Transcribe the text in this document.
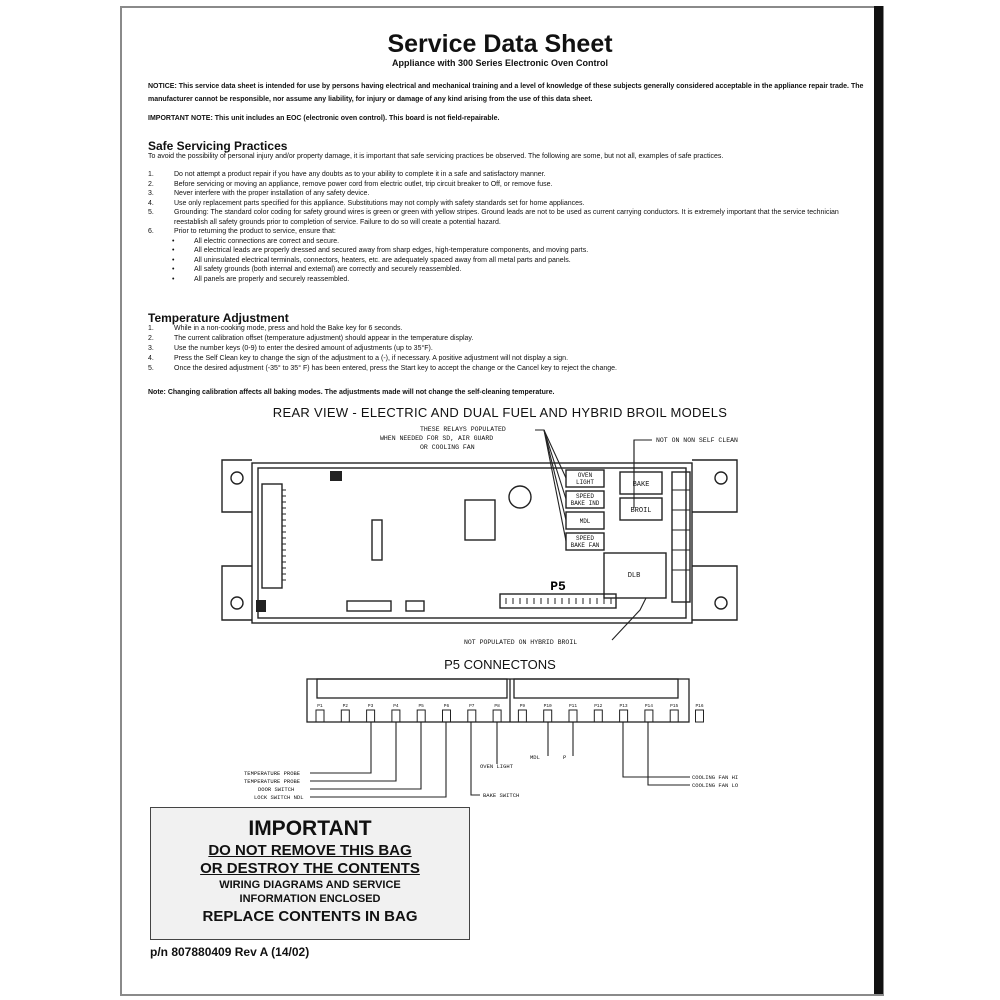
Service Data Sheet
Appliance with 300 Series Electronic Oven Control
NOTICE: This service data sheet is intended for use by persons having electrical and mechanical training and a level of knowledge of these subjects generally considered acceptable in the appliance repair trade. The manufacturer cannot be responsible, nor assume any liability, for injury or damage of any kind arising from the use of this data sheet.
IMPORTANT NOTE: This unit includes an EOC (electronic oven control). This board is not field-repairable.
Safe Servicing Practices
To avoid the possibility of personal injury and/or property damage, it is important that safe servicing practices be observed. The following are some, but not all, examples of safe practices.
1.	Do not attempt a product repair if you have any doubts as to your ability to complete it in a safe and satisfactory manner.
2.	Before servicing or moving an appliance, remove power cord from electric outlet, trip circuit breaker to Off, or remove fuse.
3.	Never interfere with the proper installation of any safety device.
4.	Use only replacement parts specified for this appliance. Substitutions may not comply with safety standards set for home appliances.
5.	Grounding: The standard color coding for safety ground wires is green or green with yellow stripes. Ground leads are not to be used as current carrying conductors. It is extremely important that the service technician reestablish all safety grounds prior to completion of service. Failure to do so will create a potential hazard.
6.	Prior to returning the product to service, ensure that:
•	All electric connections are correct and secure.
•	All electrical leads are properly dressed and secured away from sharp edges, high-temperature components, and moving parts.
•	All uninsulated electrical terminals, connectors, heaters, etc. are adequately spaced away from all metal parts and panels.
•	All safety grounds (both internal and external) are correctly and securely reassembled.
•	All panels are properly and securely reassembled.
Temperature Adjustment
1.	While in a non-cooking mode, press and hold the Bake key for 6 seconds.
2.	The current calibration offset (temperature adjustment) should appear in the temperature display.
3.	Use the number keys (0-9) to enter the desired amount of adjustments (up to 35°F).
4.	Press the Self Clean key to change the sign of the adjustment to a (-), if necessary. A positive adjustment will not display a sign.
5.	Once the desired adjustment (-35° to 35° F) has been entered, press the Start key to accept the change or the Cancel key to reject the change.
Note: Changing calibration affects all baking modes. The adjustments made will not change the self-cleaning temperature.
REAR VIEW - ELECTRIC AND DUAL FUEL AND HYBRID BROIL MODELS
THESE RELAYS POPULATED
WHEN NEEDED FOR SD, AIR GUARD
OR COOLING FAN
NOT ON NON SELF CLEAN
NOT POPULATED ON HYBRID BROIL
OVEN
LIGHT
SPEED
BAKE IND
MDL
SPEED
BAKE FAN
BAKE
BROIL
DLB
P5
P1	P2	P3	P4	P5	P6	P7	P8	P9	P10	P11	P12	P13	P14	P15	P16
TEMPERATURE PROBE
TEMPERATURE PROBE
DOOR SWITCH
LOCK SWITCH NDL
OVEN LIGHT
BAKE SWITCH
MDL	P
COOLING FAN HI
COOLING FAN LO
P5 CONNECTONS
IMPORTANT
DO NOT REMOVE THIS BAG
OR DESTROY THE CONTENTS
WIRING DIAGRAMS AND SERVICE
INFORMATION ENCLOSED
REPLACE CONTENTS IN BAG
p/n 807880409 Rev A (14/02)
